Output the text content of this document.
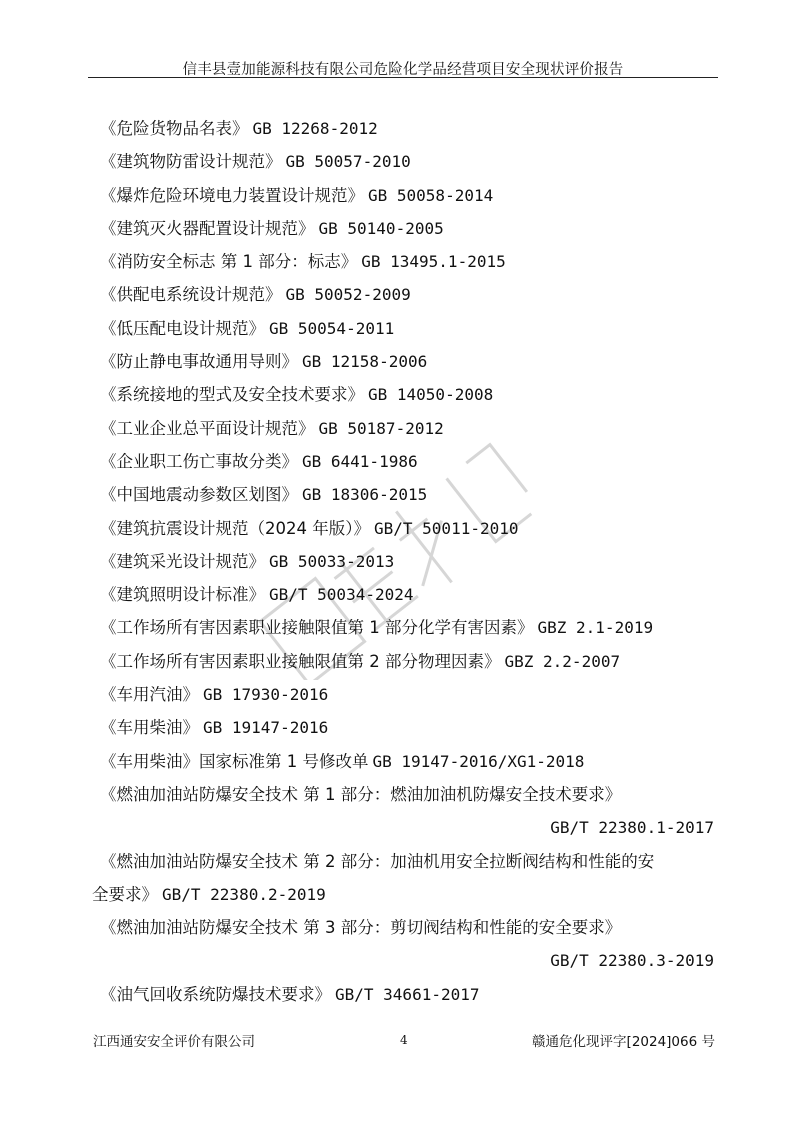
信丰县壹加能源科技有限公司危险化学品经营项目安全现状评价报告
《危险货物品名表》 GB 12268-2012
《建筑物防雷设计规范》 GB 50057-2010
《爆炸危险环境电力装置设计规范》 GB 50058-2014
《建筑灭火器配置设计规范》 GB 50140-2005
《消防安全标志 第 1 部分：标志》 GB 13495.1-2015
《供配电系统设计规范》 GB 50052-2009
《低压配电设计规范》 GB 50054-2011
《防止静电事故通用导则》 GB 12158-2006
《系统接地的型式及安全技术要求》 GB 14050-2008
《工业企业总平面设计规范》 GB 50187-2012
《企业职工伤亡事故分类》 GB 6441-1986
《中国地震动参数区划图》 GB 18306-2015
《建筑抗震设计规范（2024 年版）》 GB/T 50011-2010
《建筑采光设计规范》 GB 50033-2013
《建筑照明设计标准》 GB/T 50034-2024
《工作场所有害因素职业接触限值第 1 部分化学有害因素》 GBZ 2.1-2019
《工作场所有害因素职业接触限值第 2 部分物理因素》 GBZ 2.2-2007
《车用汽油》 GB 17930-2016
《车用柴油》 GB 19147-2016
《车用柴油》国家标准第 1 号修改单 GB 19147-2016/XG1-2018
《燃油加油站防爆安全技术 第 1 部分：燃油加油机防爆安全技术要求》
GB/T 22380.1-2017
《燃油加油站防爆安全技术 第 2 部分：加油机用安全拉断阀结构和性能的安
全要求》 GB/T 22380.2-2019
《燃油加油站防爆安全技术 第 3 部分：剪切阀结构和性能的安全要求》
GB/T 22380.3-2019
《油气回收系统防爆技术要求》 GB/T 34661-2017
江西通安安全评价有限公司	4	赣通危化现评字[2024]066 号
